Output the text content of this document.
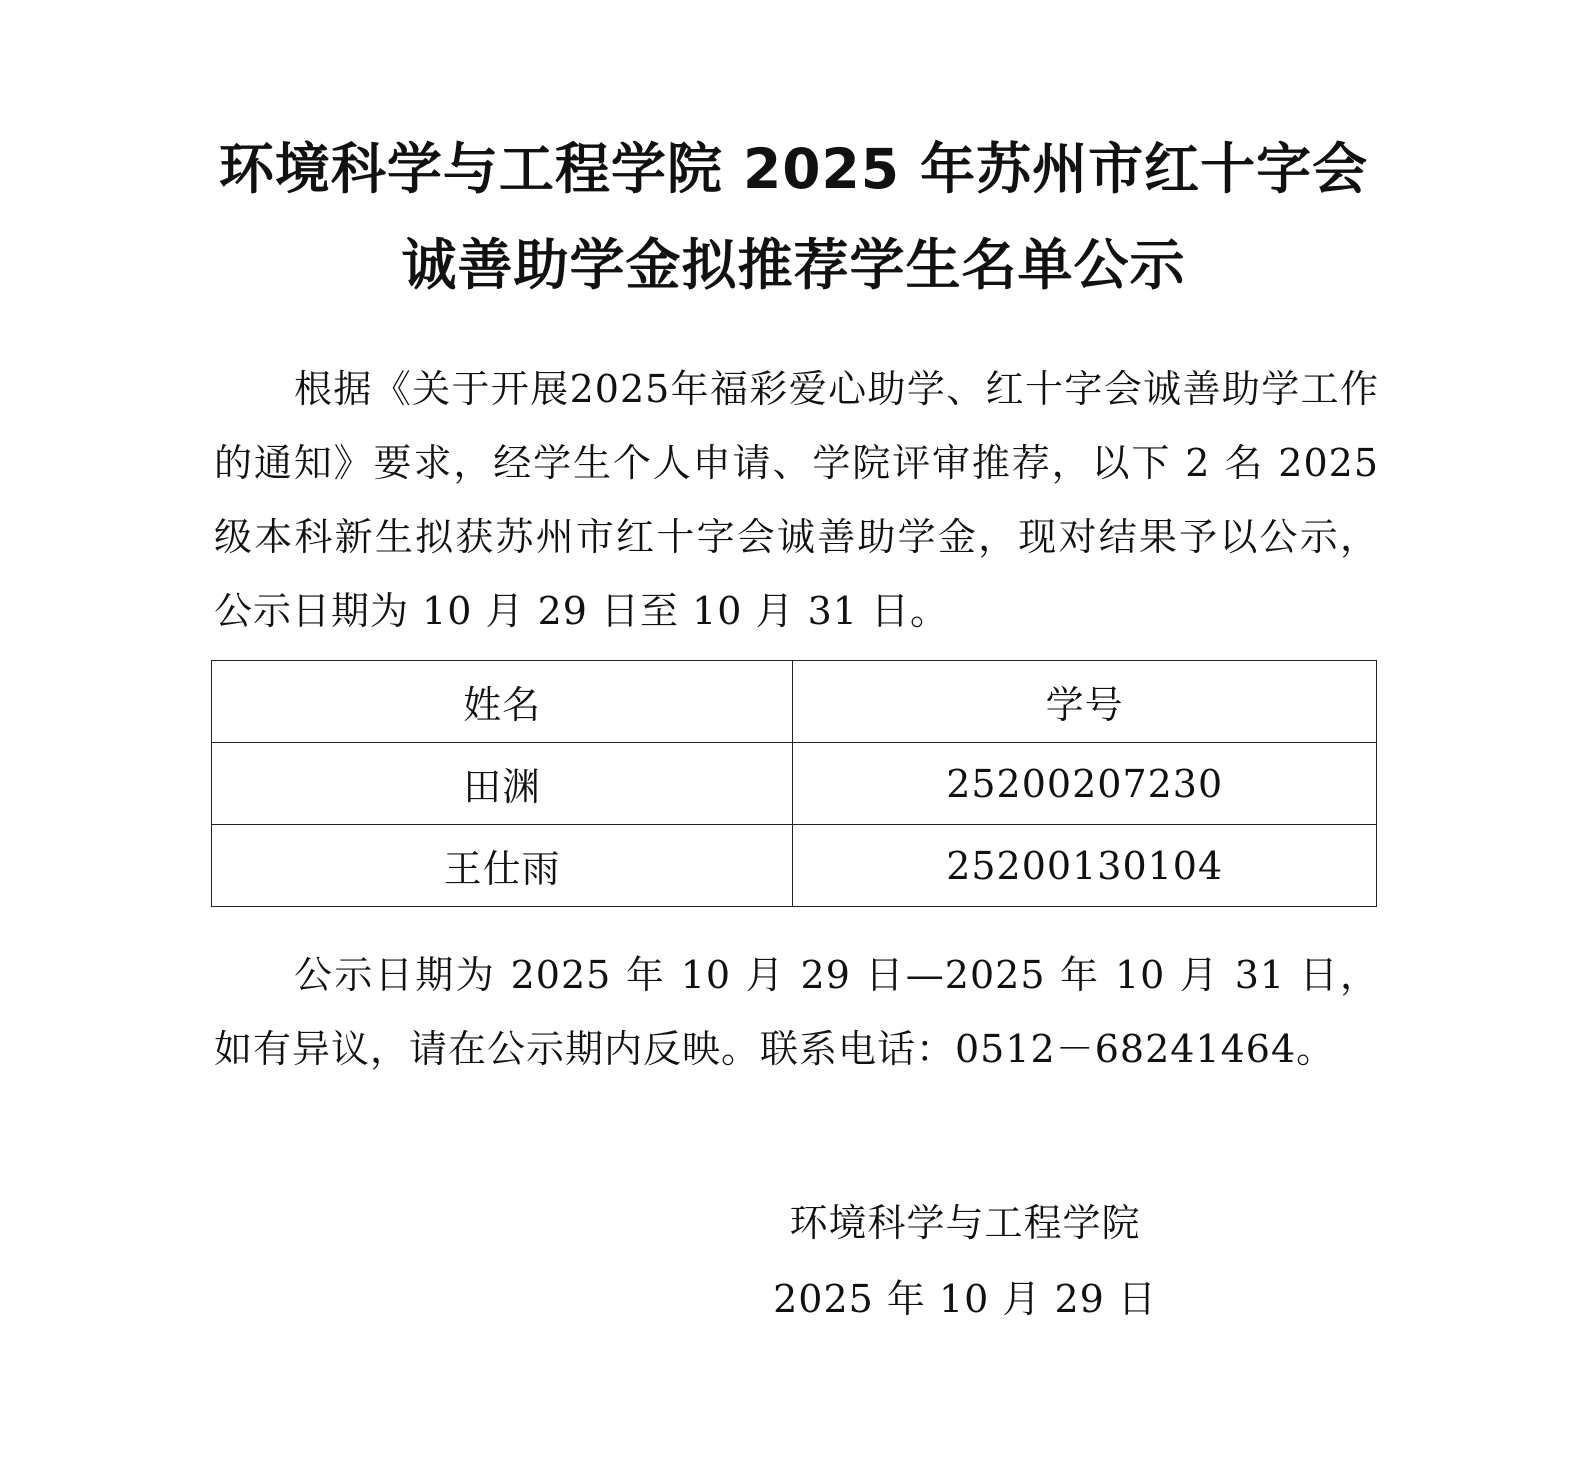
环境科学与工程学院 2025 年苏州市红十字会
诚善助学金拟推荐学生名单公示

根据《关于开展2025年福彩爱心助学、红十字会诚善助学工作的通知》要求，经学生个人申请、学院评审推荐，以下 2 名 2025 级本科新生拟获苏州市红十字会诚善助学金，现对结果予以公示，公示日期为 10 月 29 日至 10 月 31 日。

姓名	学号
田渊	25200207230
王仕雨	25200130104

公示日期为 2025 年 10 月 29 日—2025 年 10 月 31 日，如有异议，请在公示期内反映。联系电话：0512－68241464。

环境科学与工程学院
2025 年 10 月 29 日
